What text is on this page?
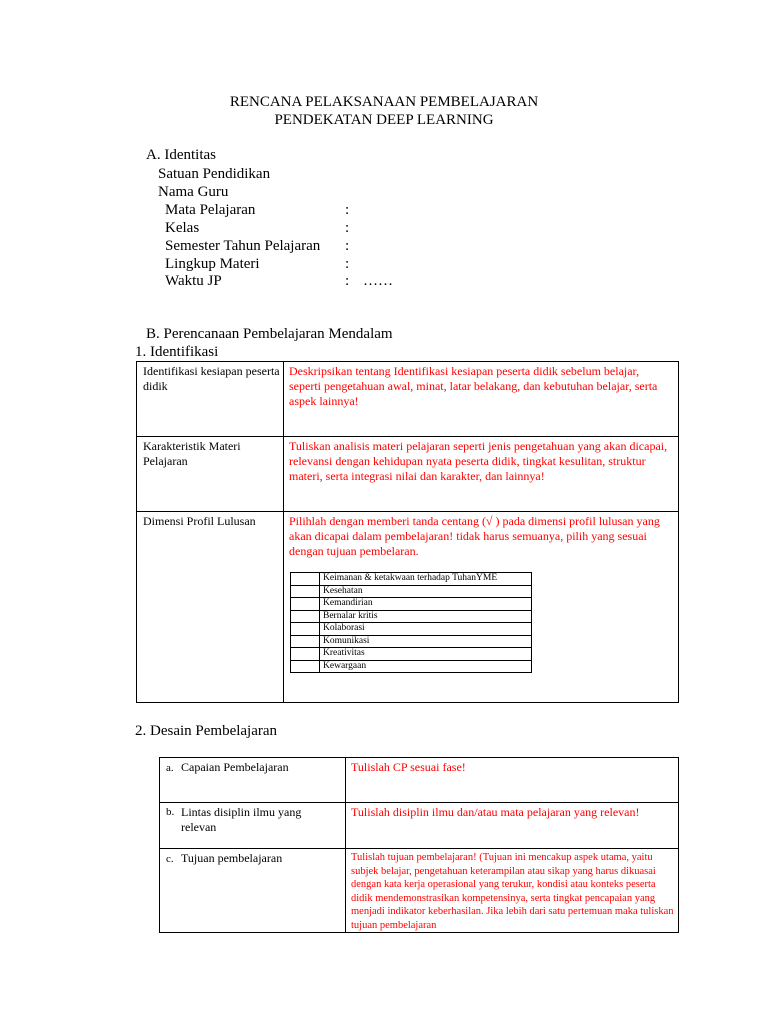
RENCANA PELAKSANAAN PEMBELAJARAN
PENDEKATAN DEEP LEARNING
A. Identitas
Satuan Pendidikan
Nama Guru
Mata Pelajaran	:
Kelas	:
Semester Tahun Pelajaran :
Lingkup Materi	:
Waktu JP	: ……
B. Perencanaan Pembelajaran Mendalam
1. Identifikasi
Identifikasi kesiapan peserta didik	Deskripsikan tentang Identifikasi kesiapan peserta didik sebelum belajar, seperti pengetahuan awal, minat, latar belakang, dan kebutuhan belajar, serta aspek lainnya!
Karakteristik Materi Pelajaran	Tuliskan analisis materi pelajaran seperti jenis pengetahuan yang akan dicapai, relevansi dengan kehidupan nyata peserta didik, tingkat kesulitan, struktur materi, serta integrasi nilai dan karakter, dan lainnya!
Dimensi Profil Lulusan	Pilihlah dengan memberi tanda centang (√ ) pada dimensi profil lulusan yang akan dicapai dalam pembelajaran! tidak harus semuanya, pilih yang sesuai dengan tujuan pembelaran.
	Keimanan & ketakwaan terhadap TuhanYME
	Kesehatan
	Kemandirian
	Bernalar kritis
	Kolaborasi
	Komunikasi
	Kreativitas
	Kewargaan
2. Desain Pembelajaran
a. Capaian Pembelajaran	Tulislah CP sesuai fase!

b. Lintas disiplin ilmu yang relevan	Tulislah disiplin ilmu dan/atau mata pelajaran yang relevan!
c. Tujuan pembelajaran	Tulislah tujuan pembelajaran! (Tujuan ini mencakup aspek utama, yaitu subjek belajar, pengetahuan keterampilan atau sikap yang harus dikuasai dengan kata kerja operasional yang terukur, kondisi atau konteks peserta didik mendemonstrasikan kompetensinya, serta tingkat pencapaian yang menjadi indikator keberhasilan. Jika lebih dari satu pertemuan maka tuliskan tujuan pembelajaran
